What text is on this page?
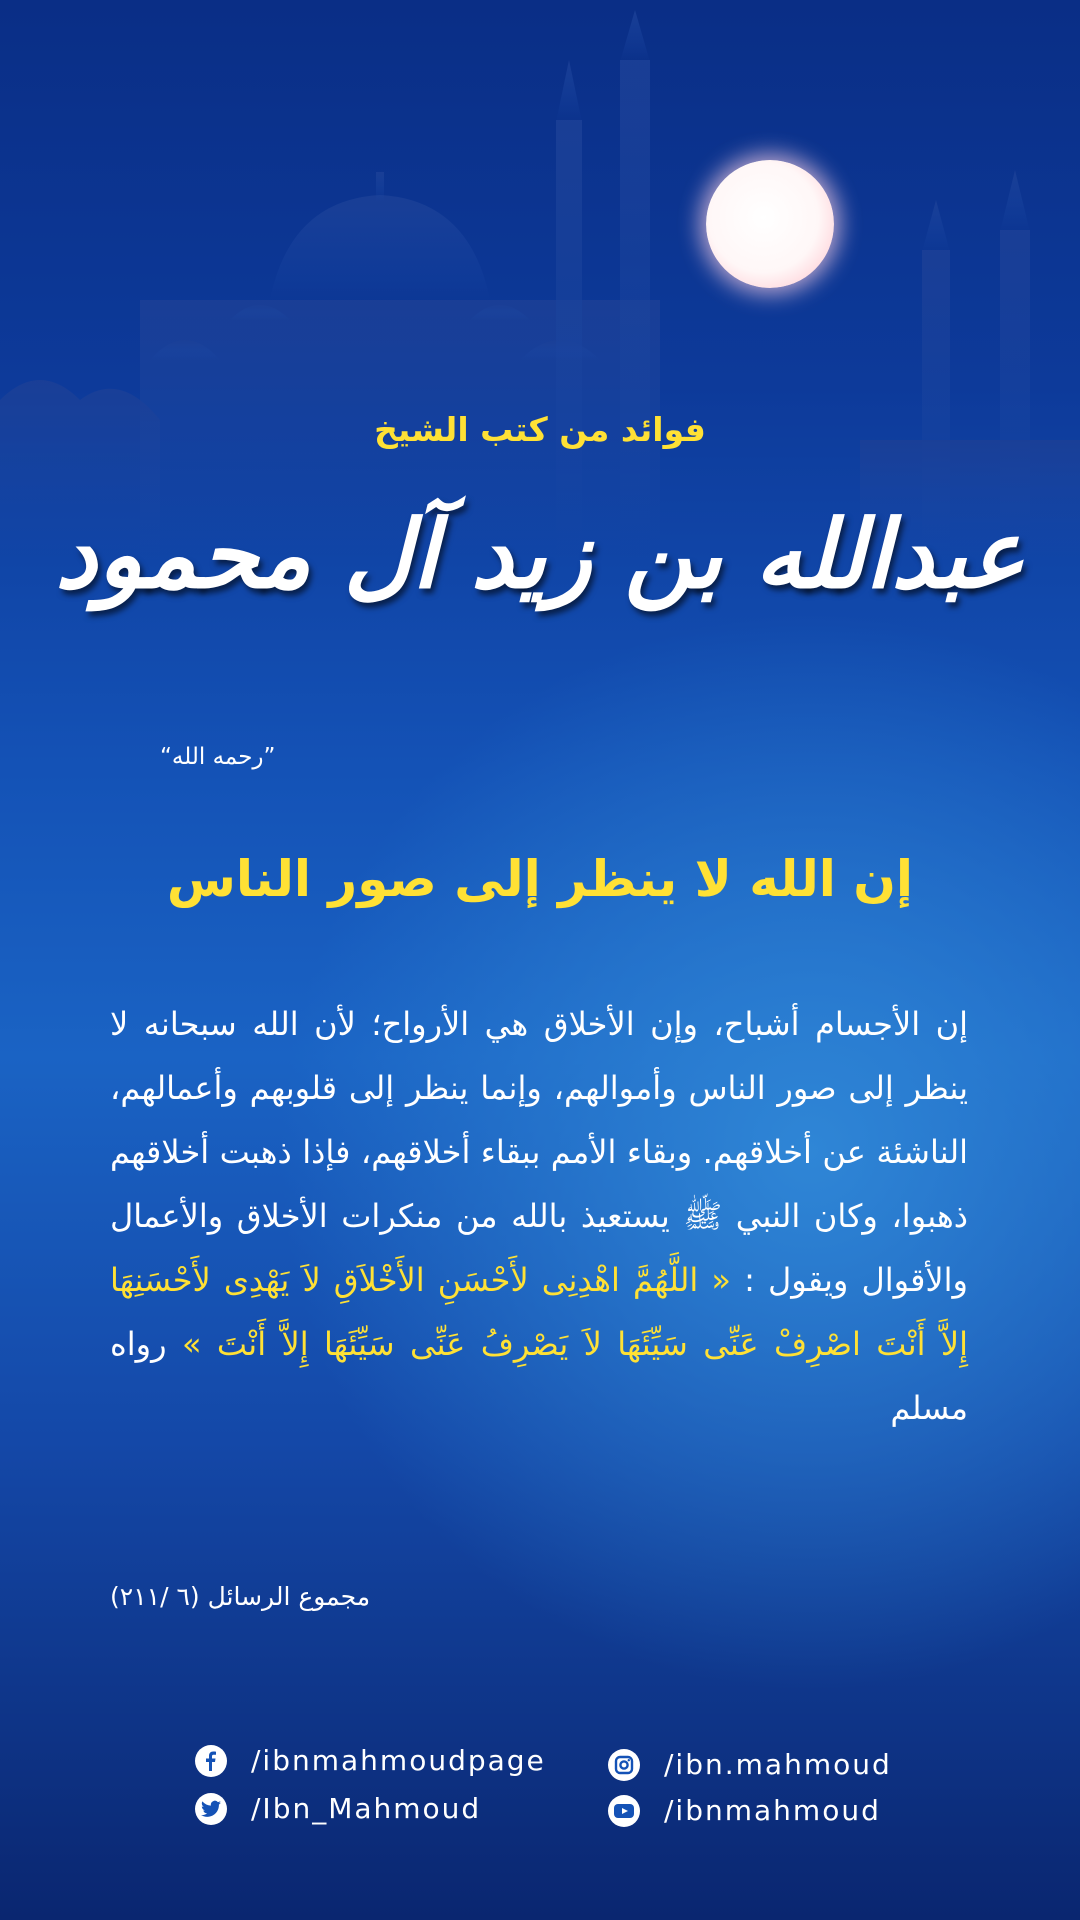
فوائد من كتب الشيخ
عبدالله بن زيد آل محمود
”رحمه الله“
إن الله لا ينظر إلى صور الناس
إن الأجسام أشباح، وإن الأخلاق هي الأرواح؛ لأن الله سبحانه لا ينظر إلى صور الناس وأموالهم، وإنما ينظر إلى قلوبهم وأعمالهم، الناشئة عن أخلاقهم. وبقاء الأمم ببقاء أخلاقهم، فإذا ذهبت أخلاقهم ذهبوا، وكان النبي ﷺ يستعيذ بالله من منكرات الأخلاق والأعمال والأقوال ويقول : « اللَّهُمَّ اهْدِنِى لأَحْسَنِ الأَخْلاَقِ لاَ يَهْدِى لأَحْسَنِهَا إِلاَّ أَنْتَ اصْرِفْ عَنِّى سَيِّئَهَا لاَ يَصْرِفُ عَنِّى سَيِّئَهَا إِلاَّ أَنْتَ » رواه مسلم
مجموع الرسائل (٦ /٢١١)
/ibnmahmoudpage
/Ibn_Mahmoud
/ibn.mahmoud
/ibnmahmoud
